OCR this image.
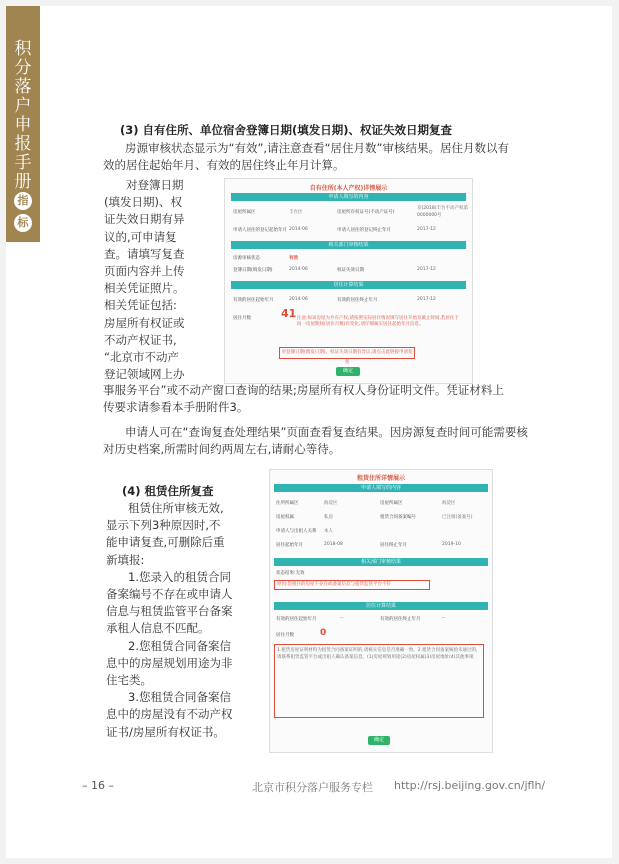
积分落户申报手册
指
标
(3) 自有住所、单位宿舍登簿日期(填发日期)、权证失效日期复查
房源审核状态显示为“有效”,请注意查看“居住月数”审核结果。居住月数以有
效的居住起始年月、有效的居住终止年月计算。
对登簿日期
(填发日期)、权
证失效日期有异
议的,可申请复
查。请填写复查
页面内容并上传
相关凭证照片。
相关凭证包括:
房屋所有权证或
不动产权证书,
“北京市不动产
登记领域网上办
自有住所(本人产权)详情展示
申请人填写的内容
房屋所属区	丰台区	房屋所有权证号(不动产证号)
京(2018)丰台不动产权第
0000000号
申请人居住的登记起始年月 2014-06	申请人居住的登记终止年月	2017-12
相关部门审核结果
房源审核状态	有效
登簿日期(填发日期)	2014-06	权证失效日期	2017-12
居住计算结果
有效的居住起始年月	2014-06	有效的居住终止年月	2017-12
居住月数	41 注意:如该房屋为共有产权,请按照实际居住情况填写居住开始及截止时间,若居住于同一房屋期间(居住月数)有变化,请仔细核实居住起始年月信息。
对登簿日期(填发日期)、权证失效日期有异议,请点击此链接申请复查
确定
事服务平台”或不动产窗口查询的结果;房屋所有权人身份证明文件。凭证材料上
传要求请参看本手册附件3。
申请人可在“查询复查处理结果”页面查看复查结果。因房源复查时间可能需要核
对历史档案,所需时间约两周左右,请耐心等待。
(4) 租赁住所复查
租赁住所审核无效,
显示下列3种原因时,不
能申请复查,可删除后重
新填报:
1.您录入的租赁合同
备案编号不存在或申请人
信息与租赁监管平台备案
承租人信息不匹配。
2.您租赁合同备案信
息中的房屋规划用途为非
住宅类。
3.您租赁合同备案信
息中的房屋没有不动产权
证书/房屋所有权证书。
租赁住所详情展示
申请人填写的内容
住所所属区	海淀区	房屋所属区	海淀区
房屋权属	私房	租赁合同备案编号	已注销(备案号)
申请人与出租人关系 本人
居住起始年月	2018-08	居住终止年月	2019-10
相关部门审核结果
状态结果:无效
原因:您租住的房屋不存在或备案信息与租赁监管平台不符
居住计算结果
有效的居住起始年月	--	有效的居住终止年月	--
居住月数	0
1.租赁房屋证明材料为租赁合同备案证明的,请核实信息是否准确一致。2.租赁合同备案核验未通过的,请联系租赁监管平台或出租人确认备案信息。(1)房屋规划用途(2)房屋权属(3)房屋地址(4)其他事项
确定
– 16 –	北京市积分落户服务专栏 http://rsj.beijing.gov.cn/jflh/
